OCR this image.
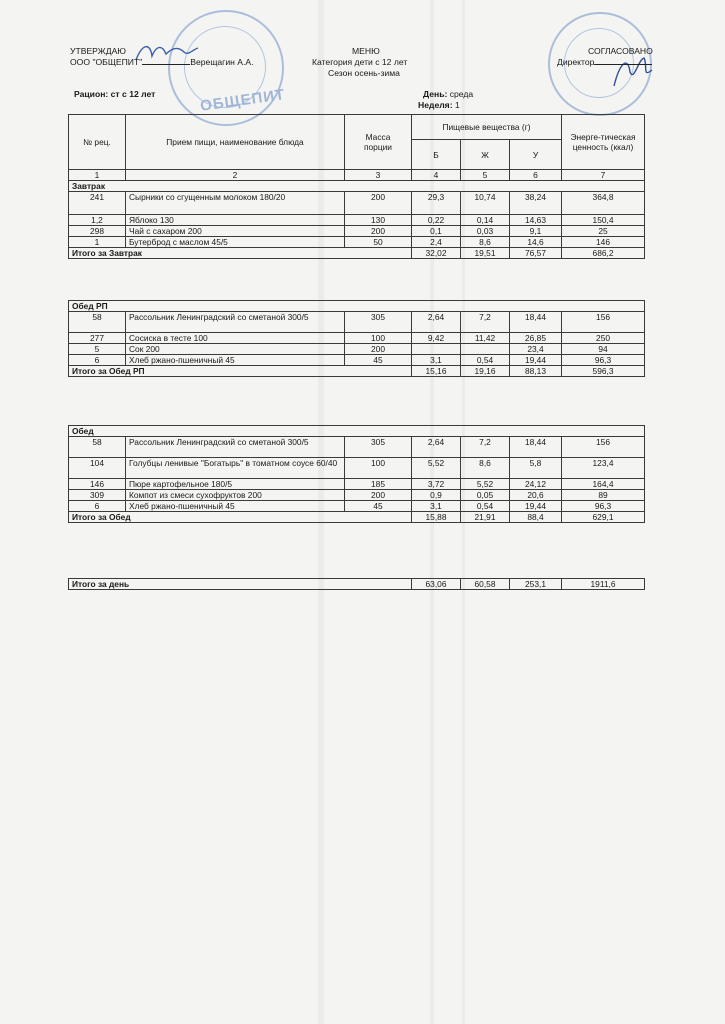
ОБЩЕПИТ
УТВЕРЖДАЮ
ООО "ОБЩЕПИТ"	Верещагин А.А.
МЕНЮ
Категория дети с 12 лет
Сезон осень-зима
СОГЛАСОВАНО
Директор
Рацион: ст с 12 лет	День: среда
Неделя: 1
№ рец.	Прием пищи, наименование блюда	Масса порции	Пищевые вещества (г)			Энерге-тическая ценность (ккал)
			Б	Ж	У	
1	2	3	4	5	6	7
Завтрак						
241	Сырники со сгущенным молоком 180/20	200	29,3	10,74	38,24	364,8
1,2	Яблоко 130	130	0,22	0,14	14,63	150,4
298	Чай с сахаром 200	200	0,1	0,03	9,1	25
1	Бутерброд с маслом 45/5	50	2,4	8,6	14,6	146
Итого за Завтрак			32,02	19,51	76,57	686,2
Обед РП						
58	Рассольник Ленинградский со сметаной 300/5	305	2,64	7,2	18,44	156
277	Сосиска в тесте 100	100	9,42	11,42	26,85	250
5	Сок 200	200			23,4	94
6	Хлеб ржано-пшеничный 45	45	3,1	0,54	19,44	96,3
Итого за Обед РП			15,16	19,16	88,13	596,3
Обед						
58	Рассольник Ленинградский со сметаной 300/5	305	2,64	7,2	18,44	156
104	Голубцы ленивые "Богатырь" в томатном соусе 60/40	100	5,52	8,6	5,8	123,4
146	Пюре картофельное 180/5	185	3,72	5,52	24,12	164,4
309	Компот из смеси сухофруктов 200	200	0,9	0,05	20,6	89
6	Хлеб ржано-пшеничный 45	45	3,1	0,54	19,44	96,3
Итого за Обед			15,88	21,91	88,4	629,1
Итого за день	63,06	60,58	253,1	1911,6
